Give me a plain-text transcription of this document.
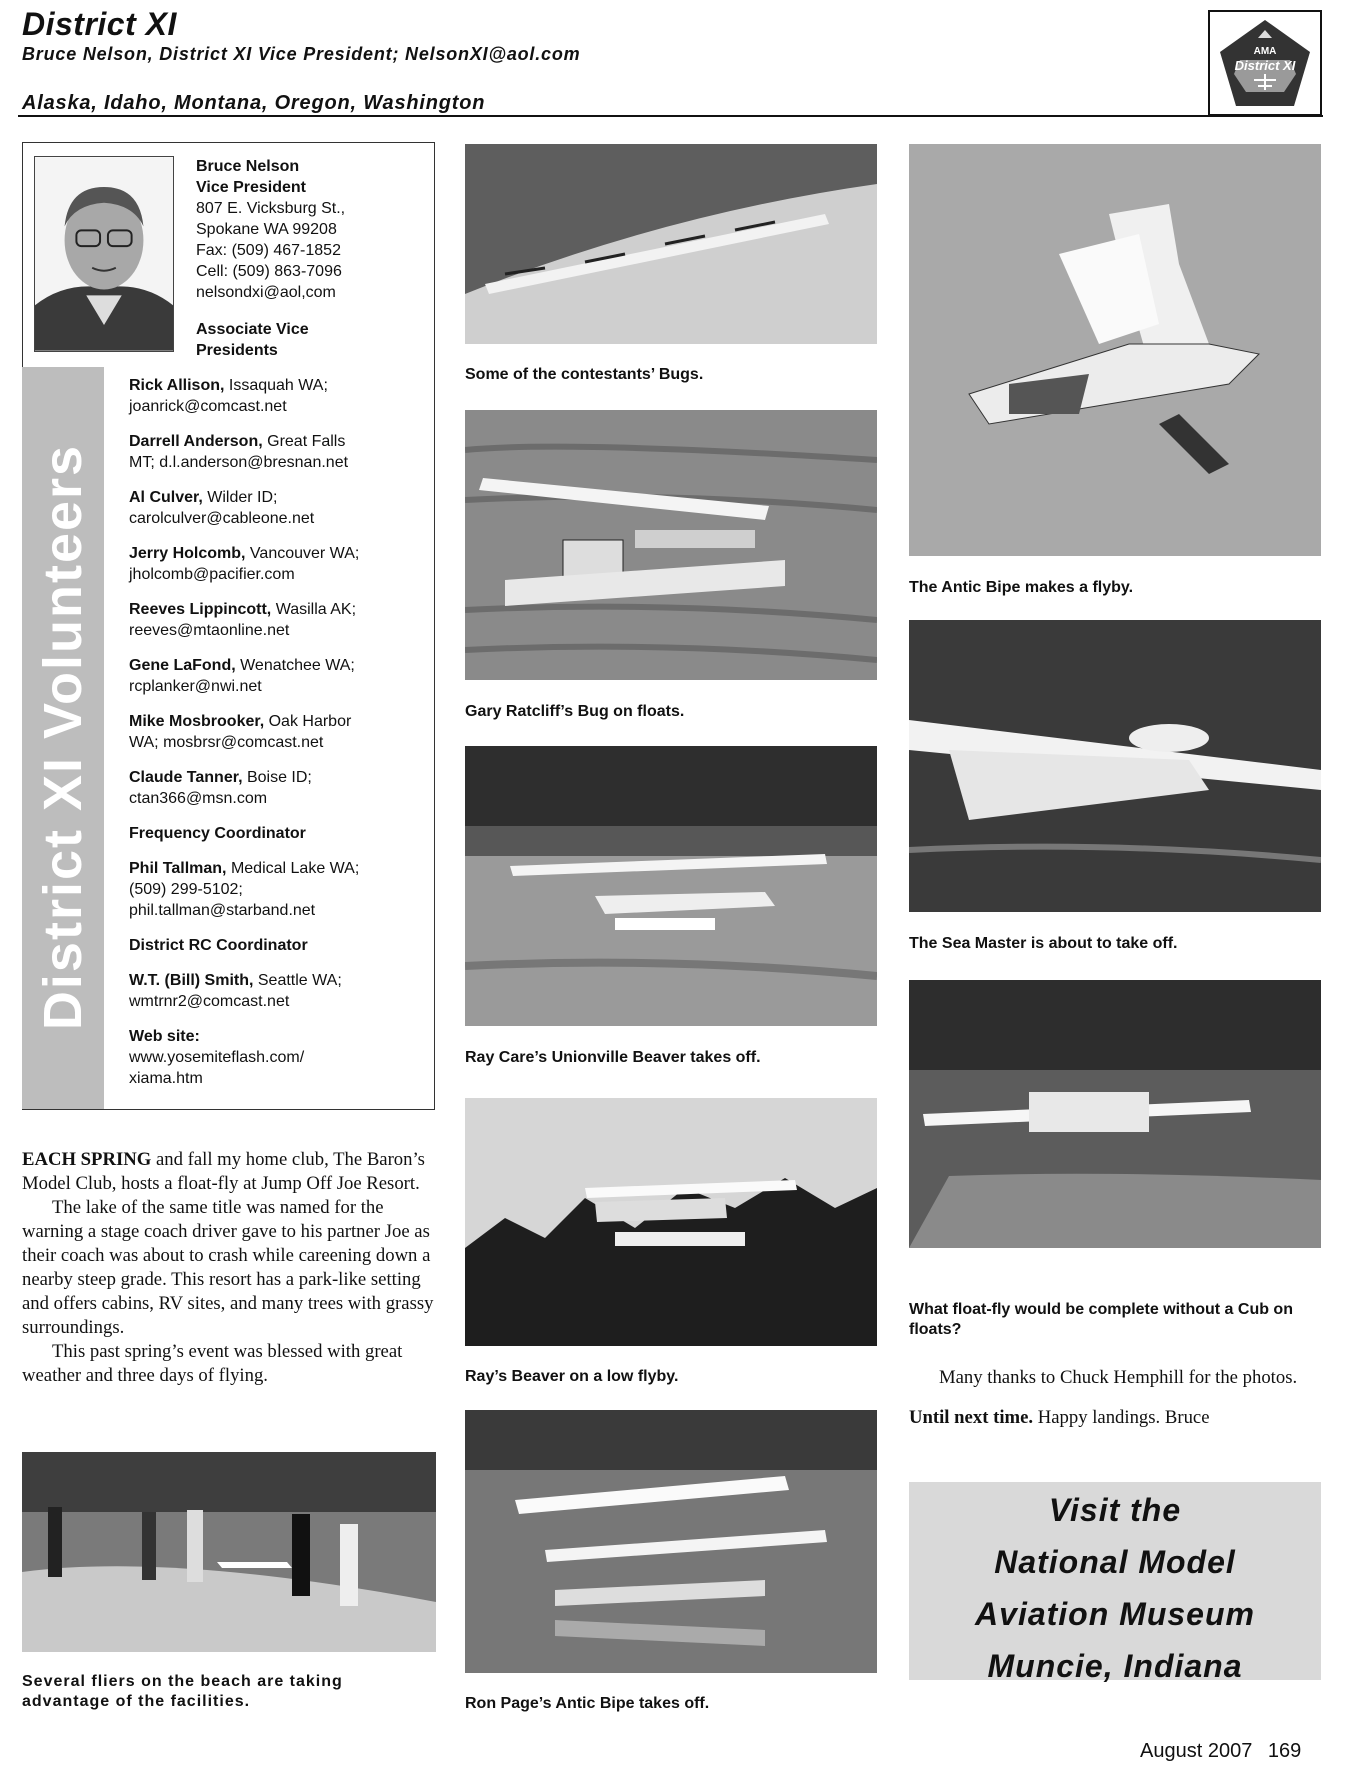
District XI
Bruce Nelson, District XI Vice President; NelsonXI@aol.com
Alaska, Idaho, Montana, Oregon, Washington
AMA
District XI
District XI Volunteers
Bruce Nelson
Vice President
807 E. Vicksburg St.,
Spokane WA 99208
Fax: (509) 467-1852
Cell: (509) 863-7096
nelsondxi@aol,com
Associate Vice
Presidents
Rick Allison, Issaquah WA;
joanrick@comcast.net
Darrell Anderson, Great Falls
MT; d.l.anderson@bresnan.net
Al Culver, Wilder ID;
carolculver@cableone.net
Jerry Holcomb, Vancouver WA;
jholcomb@pacifier.com
Reeves Lippincott, Wasilla AK;
reeves@mtaonline.net
Gene LaFond, Wenatchee WA;
rcplanker@nwi.net
Mike Mosbrooker, Oak Harbor
WA; mosbrsr@comcast.net
Claude Tanner, Boise ID;
ctan366@msn.com
Frequency Coordinator
Phil Tallman, Medical Lake WA;
(509) 299-5102;
phil.tallman@starband.net
District RC Coordinator
W.T. (Bill) Smith, Seattle WA;
wmtrnr2@comcast.net
Web site:
www.yosemiteflash.com/
xiama.htm

EACH SPRING and fall my home club, The Baron’s Model Club, hosts a float-fly at Jump Off Joe Resort.

The lake of the same title was named for the warning a stage coach driver gave to his partner Joe as their coach was about to crash while careening down a nearby steep grade. This resort has a park-like setting and offers cabins, RV sites, and many trees with grassy surroundings.

This past spring’s event was blessed with great weather and three days of flying.

Several fliers on the beach are taking advantage of the facilities.
Some of the contestants’ Bugs.
Gary Ratcliff’s Bug on floats.
Ray Care’s Unionville Beaver takes off.
Ray’s Beaver on a low flyby.
Ron Page’s Antic Bipe takes off.
The Antic Bipe makes a flyby.
The Sea Master is about to take off.
What float-fly would be complete without a Cub on floats?

Many thanks to Chuck Hemphill for the photos.

Until next time. Happy landings. Bruce

Visit the
National Model
Aviation Museum
Muncie, Indiana
August 2007 169
